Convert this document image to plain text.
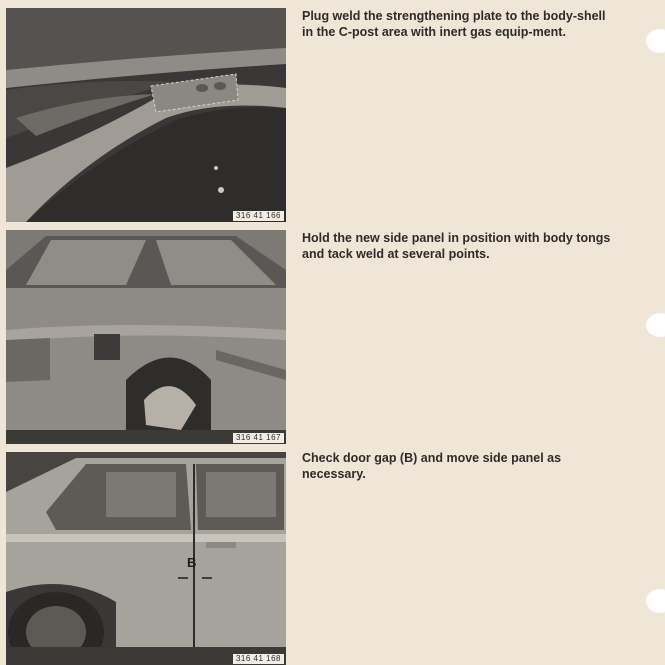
316 41 166
316 41 167
B
316 41 168

Plug weld the strengthening plate to the body-shell in the C-post area with inert gas equip-ment.

Hold the new side panel in position with body tongs and tack weld at several points.

Check door gap (B) and move side panel as necessary.
